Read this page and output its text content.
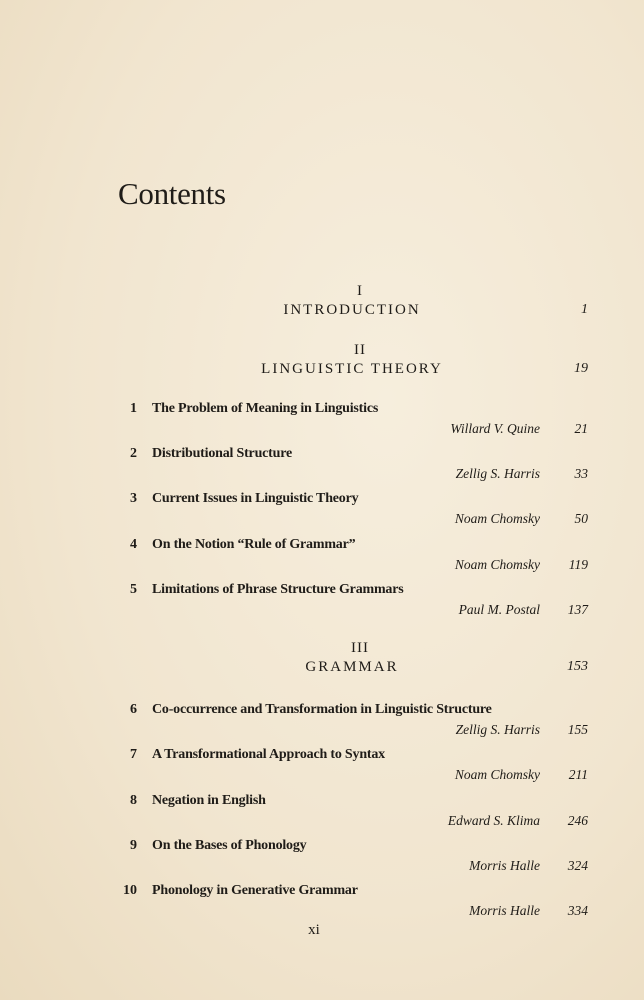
Contents
I
INTRODUCTION	1
II
LINGUISTIC THEORY	19
1 The Problem of Meaning in Linguistics
Willard V. Quine	21
2 Distributional Structure
Zellig S. Harris	33
3 Current Issues in Linguistic Theory
Noam Chomsky	50
4 On the Notion “Rule of Grammar”
Noam Chomsky 119
5 Limitations of Phrase Structure Grammars
Paul M. Postal 137
III
GRAMMAR	153
6 Co-occurrence and Transformation in Linguistic Structure
Zellig S. Harris 155
7 A Transformational Approach to Syntax
Noam Chomsky 211
8 Negation in English
Edward S. Klima 246
9 On the Bases of Phonology
Morris Halle 324
10 Phonology in Generative Grammar
Morris Halle 334
xi
